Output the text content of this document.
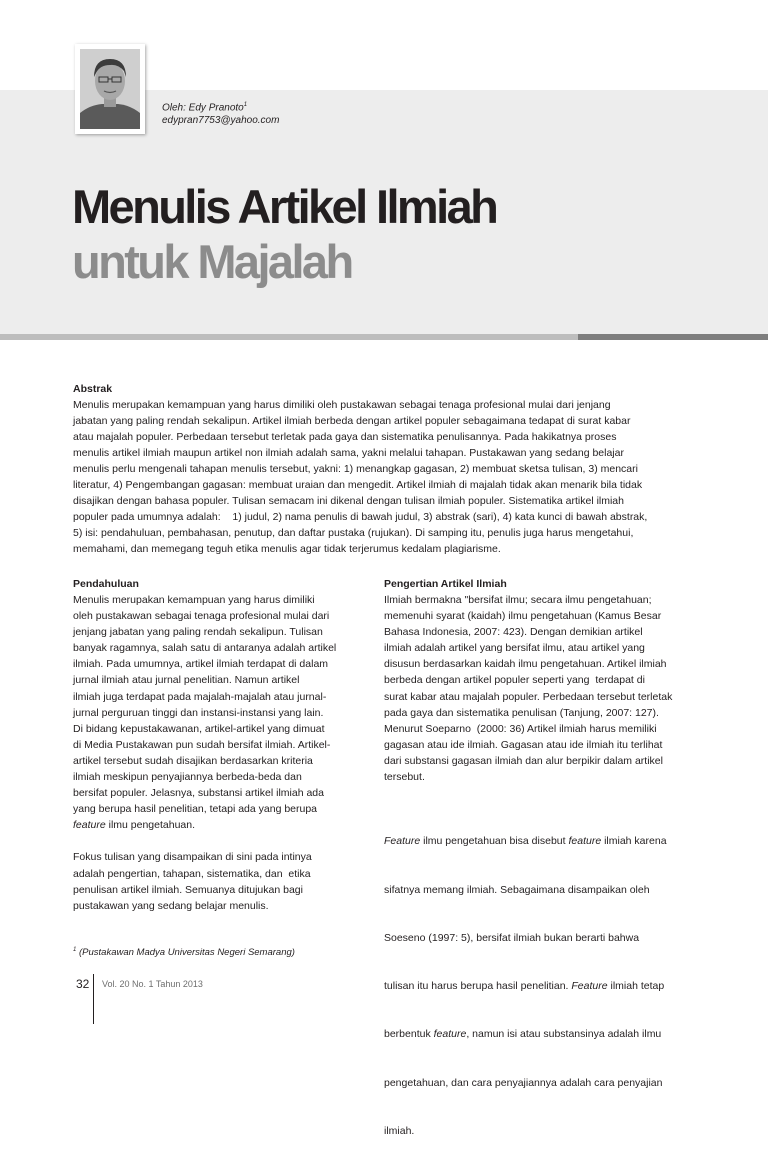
Oleh: Edy Pranoto$^1$
edypran7753@yahoo.com
Menulis Artikel Ilmiah
untuk Majalah

Abstrak

Menulis merupakan kemampuan yang harus dimiliki oleh pustakawan sebagai tenaga profesional mulai dari jenjang
jabatan yang paling rendah sekalipun. Artikel ilmiah berbeda dengan artikel populer sebagaimana tedapat di surat kabar
atau majalah populer. Perbedaan tersebut terletak pada gaya dan sistematika penulisannya. Pada hakikatnya proses
menulis artikel ilmiah maupun artikel non ilmiah adalah sama, yakni melalui tahapan. Pustakawan yang sedang belajar
menulis perlu mengenali tahapan menulis tersebut, yakni: 1) menangkap gagasan, 2) membuat sketsa tulisan, 3) mencari
literatur, 4) Pengembangan gagasan: membuat uraian dan mengedit. Artikel ilmiah di majalah tidak akan menarik bila tidak
disajikan dengan bahasa populer. Tulisan semacam ini dikenal dengan tulisan ilmiah populer. Sistematika artikel ilmiah
populer pada umumnya adalah:    1) judul, 2) nama penulis di bawah judul, 3) abstrak (sari), 4) kata kunci di bawah abstrak,
5) isi: pendahuluan, pembahasan, penutup, dan daftar pustaka (rujukan). Di samping itu, penulis juga harus mengetahui,
memahami, dan memegang teguh etika menulis agar tidak terjerumus kedalam plagiarisme.

Pendahuluan

Menulis merupakan kemampuan yang harus dimiliki
oleh pustakawan sebagai tenaga profesional mulai dari
jenjang jabatan yang paling rendah sekalipun. Tulisan
banyak ragamnya, salah satu di antaranya adalah artikel
ilmiah. Pada umumnya, artikel ilmiah terdapat di dalam
jurnal ilmiah atau jurnal penelitian. Namun artikel
ilmiah juga terdapat pada majalah-majalah atau jurnal-
jurnal perguruan tinggi dan instansi-instansi yang lain.
Di bidang kepustakawanan, artikel-artikel yang dimuat
di Media Pustakawan pun sudah bersifat ilmiah. Artikel-
artikel tersebut sudah disajikan berdasarkan kriteria
ilmiah meskipun penyajiannya berbeda-beda dan
bersifat populer. Jelasnya, substansi artikel ilmiah ada
yang berupa hasil penelitian, tetapi ada yang berupa
feature ilmu pengetahuan.
Fokus tulisan yang disampaikan di sini pada intinya
adalah pengertian, tahapan, sistematika, dan  etika
penulisan artikel ilmiah. Semuanya ditujukan bagi
pustakawan yang sedang belajar menulis.

Pengertian Artikel Ilmiah

Ilmiah bermakna "bersifat ilmu; secara ilmu pengetahuan;
memenuhi syarat (kaidah) ilmu pengetahuan (Kamus Besar
Bahasa Indonesia, 2007: 423). Dengan demikian artikel
ilmiah adalah artikel yang bersifat ilmu, atau artikel yang
disusun berdasarkan kaidah ilmu pengetahuan. Artikel ilmiah
berbeda dengan artikel populer seperti yang  terdapat di
surat kabar atau majalah populer. Perbedaan tersebut terletak
pada gaya dan sistematika penulisan (Tanjung, 2007: 127).
Menurut Soeparno  (2000: 36) Artikel ilmiah harus memiliki
gagasan atau ide ilmiah. Gagasan atau ide ilmiah itu terlihat
dari substansi gagasan ilmiah dan alur berpikir dalam artikel
tersebut.

Feature ilmu pengetahuan bisa disebut feature ilmiah karena

sifatnya memang ilmiah. Sebagaimana disampaikan oleh

Soeseno (1997: 5), bersifat ilmiah bukan berarti bahwa

tulisan itu harus berupa hasil penelitian. Feature ilmiah tetap

berbentuk feature, namun isi atau substansinya adalah ilmu

pengetahuan, dan cara penyajiannya adalah cara penyajian

ilmiah.

$^1$ (Pustakawan Madya Universitas Negeri Semarang)
32 Vol. 20 No. 1 Tahun 2013
